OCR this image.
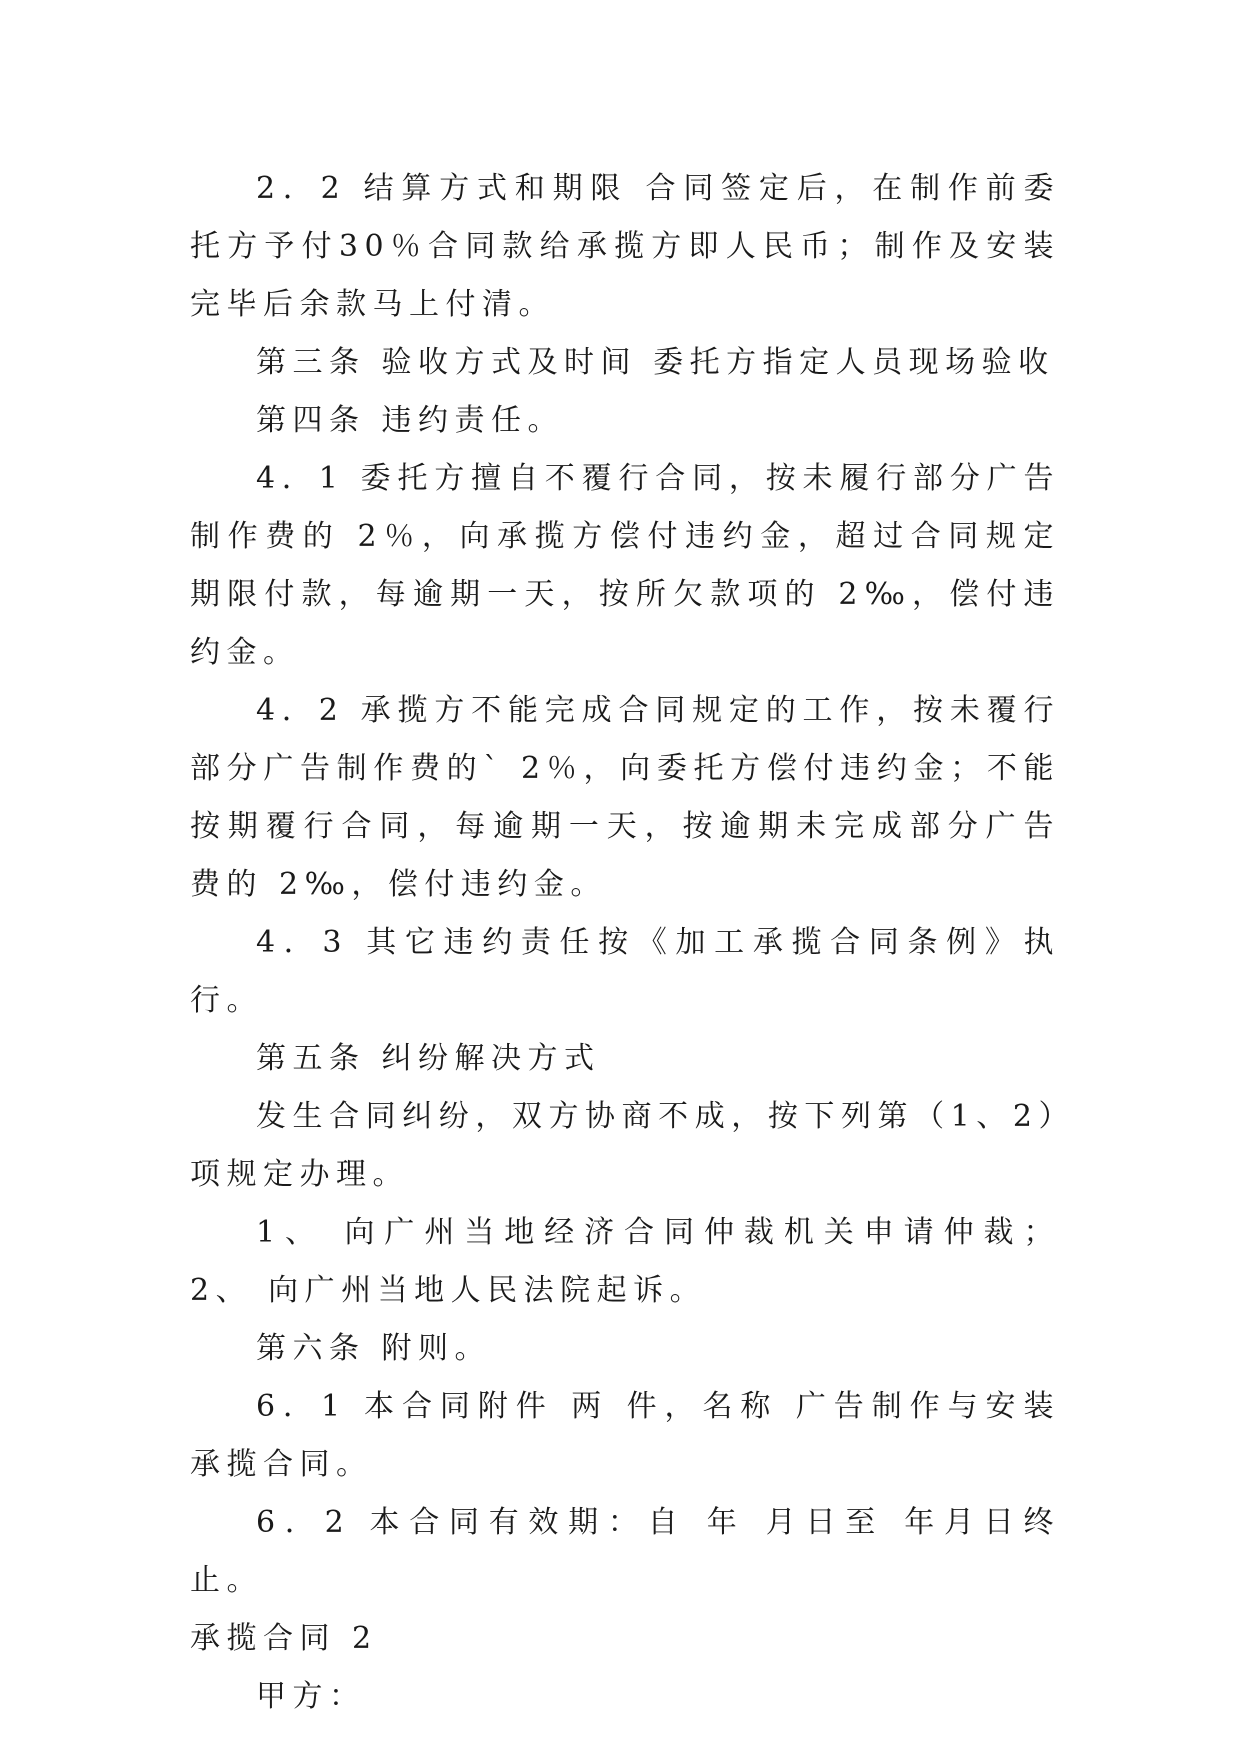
2．2 结算方式和期限 合同签定后，在制作前委托方予付30％合同款给承揽方即人民币；制作及安装完毕后余款马上付清。

第三条 验收方式及时间 委托方指定人员现场验收

第四条 违约责任。

4．1 委托方擅自不覆行合同，按未履行部分广告制作费的 2％，向承揽方偿付违约金，超过合同规定期限付款，每逾期一天，按所欠款项的 2‰，偿付违约金。

4．2 承揽方不能完成合同规定的工作，按未覆行部分广告制作费的` 2％，向委托方偿付违约金；不能按期覆行合同，每逾期一天，按逾期未完成部分广告费的 2‰，偿付违约金。

4．3 其它违约责任按《加工承揽合同条例》执行。

第五条 纠纷解决方式

发生合同纠纷，双方协商不成，按下列第（1、2）项规定办理。

1、 向广州当地经济合同仲裁机关申请仲裁； 2、 向广州当地人民法院起诉。

第六条 附则。

6．1 本合同附件 两 件，名称 广告制作与安装承揽合同。

6．2 本合同有效期：自 年 月日至 年月日终止。

承揽合同 2

甲方：
